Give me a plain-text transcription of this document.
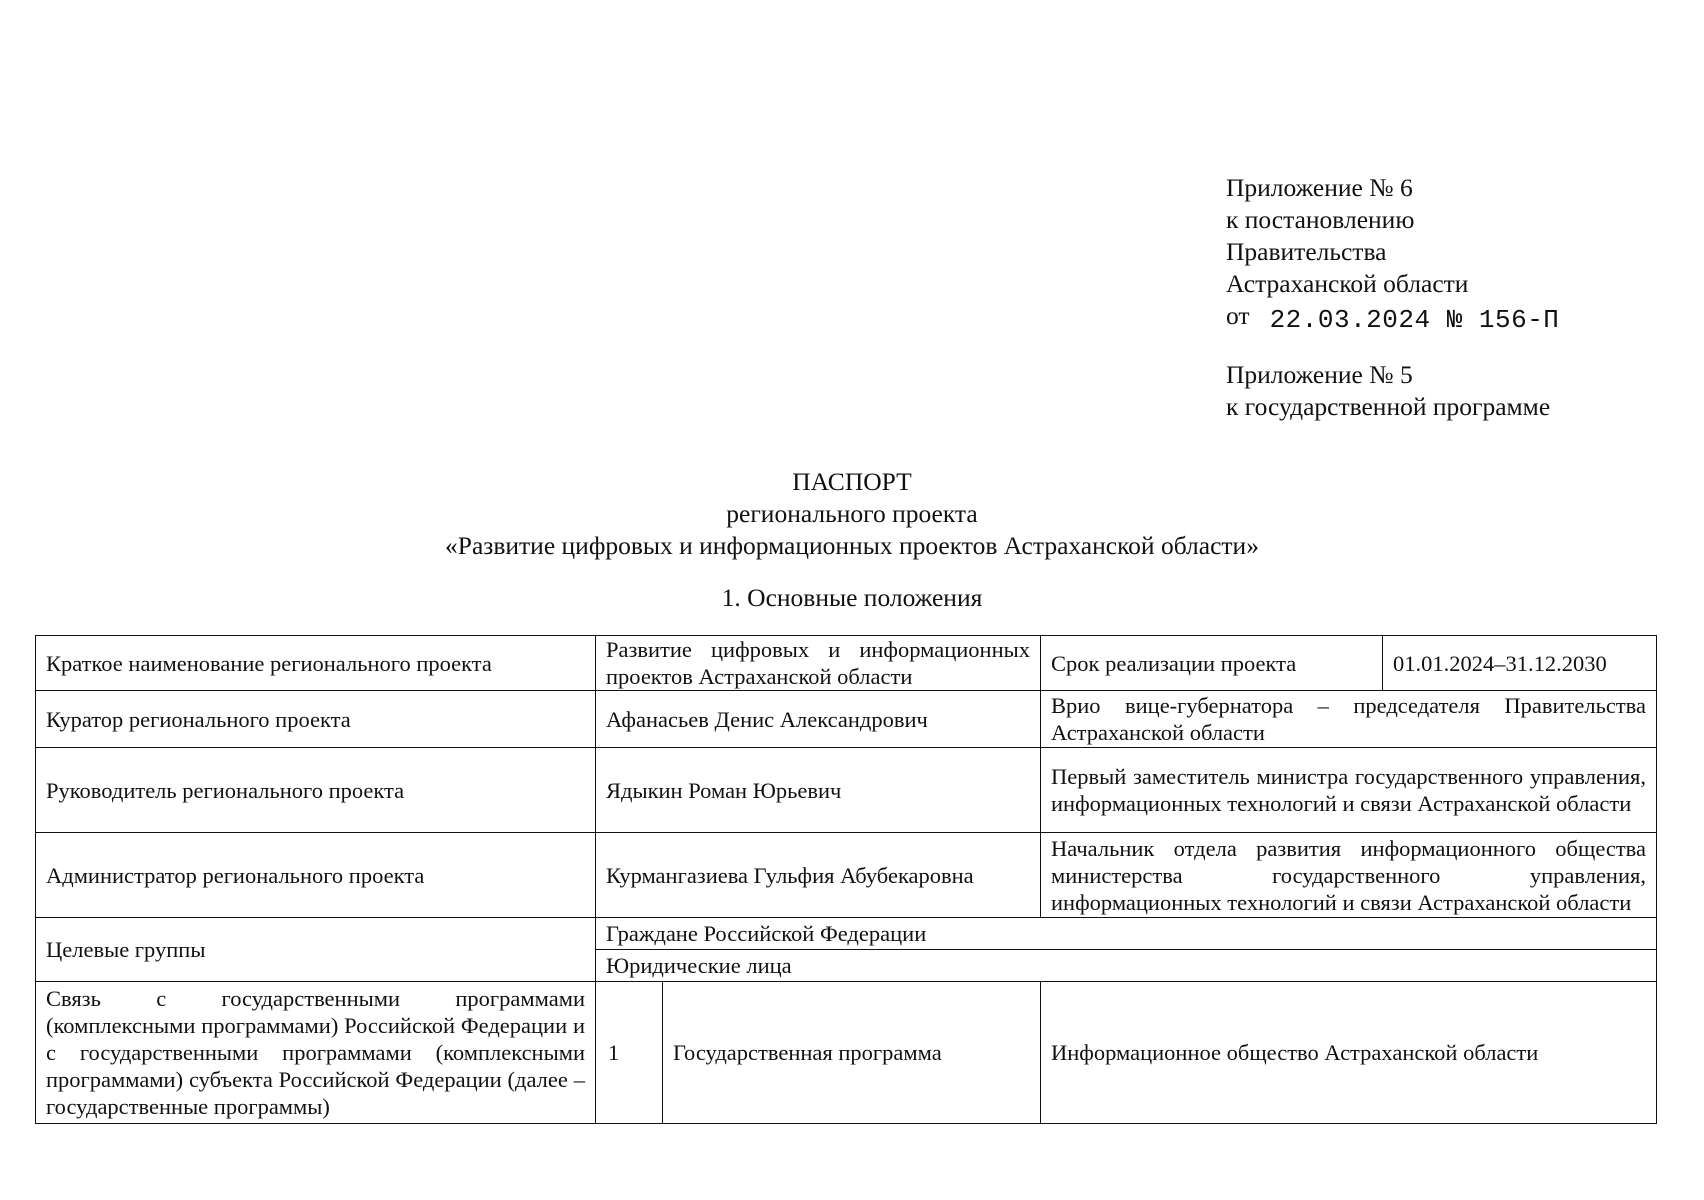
Приложение № 6
к постановлению
Правительства
Астраханской области
от 22.03.2024 № 156-П
Приложение № 5
к государственной программе
ПАСПОРТ
регионального проекта
«Развитие цифровых и информационных проектов Астраханской области»
1. Основные положения
Краткое наименование регионального проекта	Развитие цифровых и информационных проектов Астраханской области		Срок реализации проекта	01.01.2024–31.12.2030
Куратор регионального проекта	Афанасьев Денис Александрович		Врио вице-губернатора – председателя Правительства Астраханской области	
Руководитель регионального проекта	Ядыкин Роман Юрьевич		Первый заместитель министра государственного управления, информационных технологий и связи Астраханской области	
Администратор регионального проекта	Курмангазиева Гульфия Абубекаровна		Начальник отдела развития информационного общества министерства государственного управления, информационных технологий и связи Астраханской области	
Целевые группы	Граждане Российской Федерации			
	Юридические лица			
Связь с государственными программами (комплексными программами) Российской Федерации и с государственными программами (комплексными программами) субъекта Российской Федерации (далее – государственные программы)	1	Государственная программа	Информационное общество Астраханской области	
